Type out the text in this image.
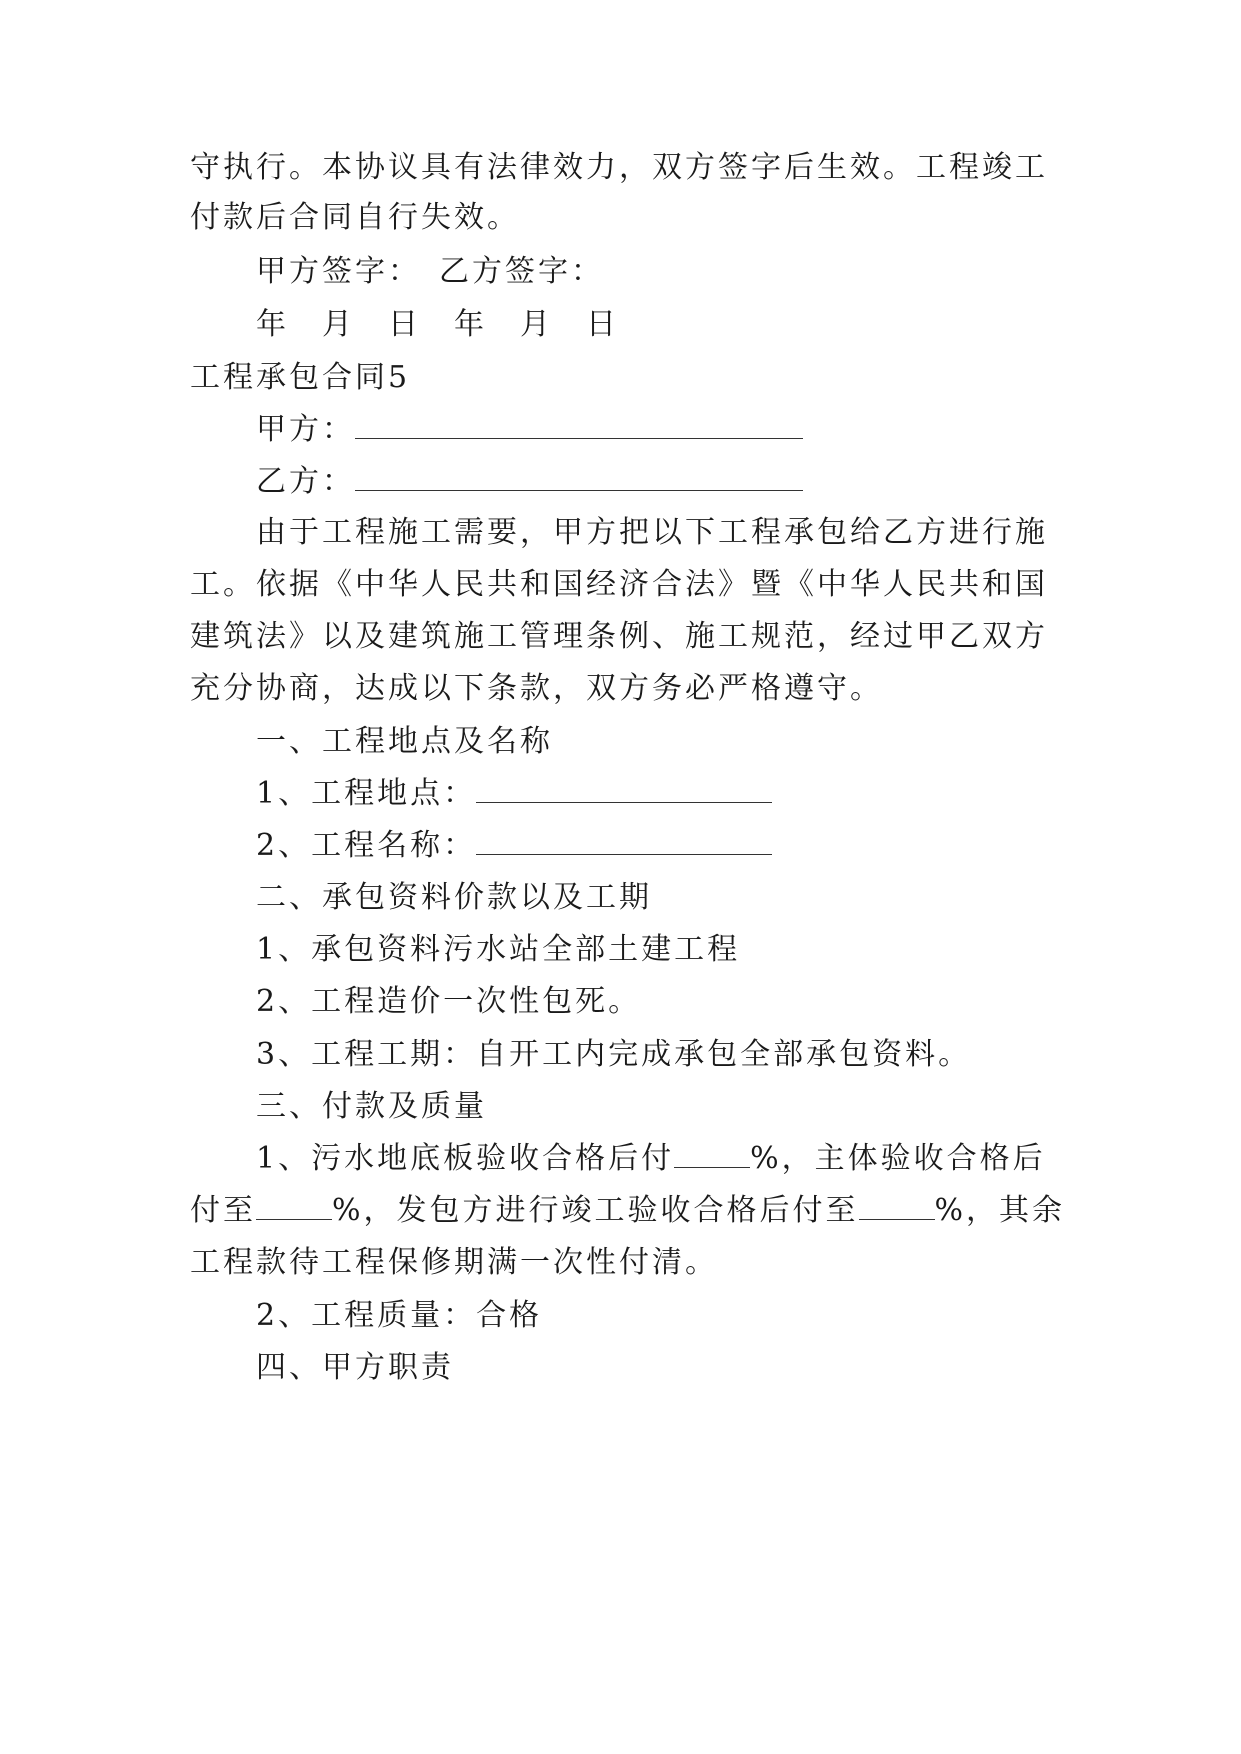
守执行。本协议具有法律效力，双方签字后生效。工程竣工
付款后合同自行失效。
甲方签字：　乙方签字：
年　月　日　年　月　日
工程承包合同5
甲方：
乙方：
由于工程施工需要，甲方把以下工程承包给乙方进行施
工。依据《中华人民共和国经济合法》暨《中华人民共和国
建筑法》以及建筑施工管理条例、施工规范，经过甲乙双方
充分协商，达成以下条款，双方务必严格遵守。
一、工程地点及名称
1、工程地点：
2、工程名称：
二、承包资料价款以及工期
1、承包资料污水站全部土建工程
2、工程造价一次性包死。
3、工程工期：自开工内完成承包全部承包资料。
三、付款及质量
1、污水地底板验收合格后付	%，主体验收合格后
付至	%，发包方进行竣工验收合格后付至	%，其余
工程款待工程保修期满一次性付清。
2、工程质量：合格
四、甲方职责
